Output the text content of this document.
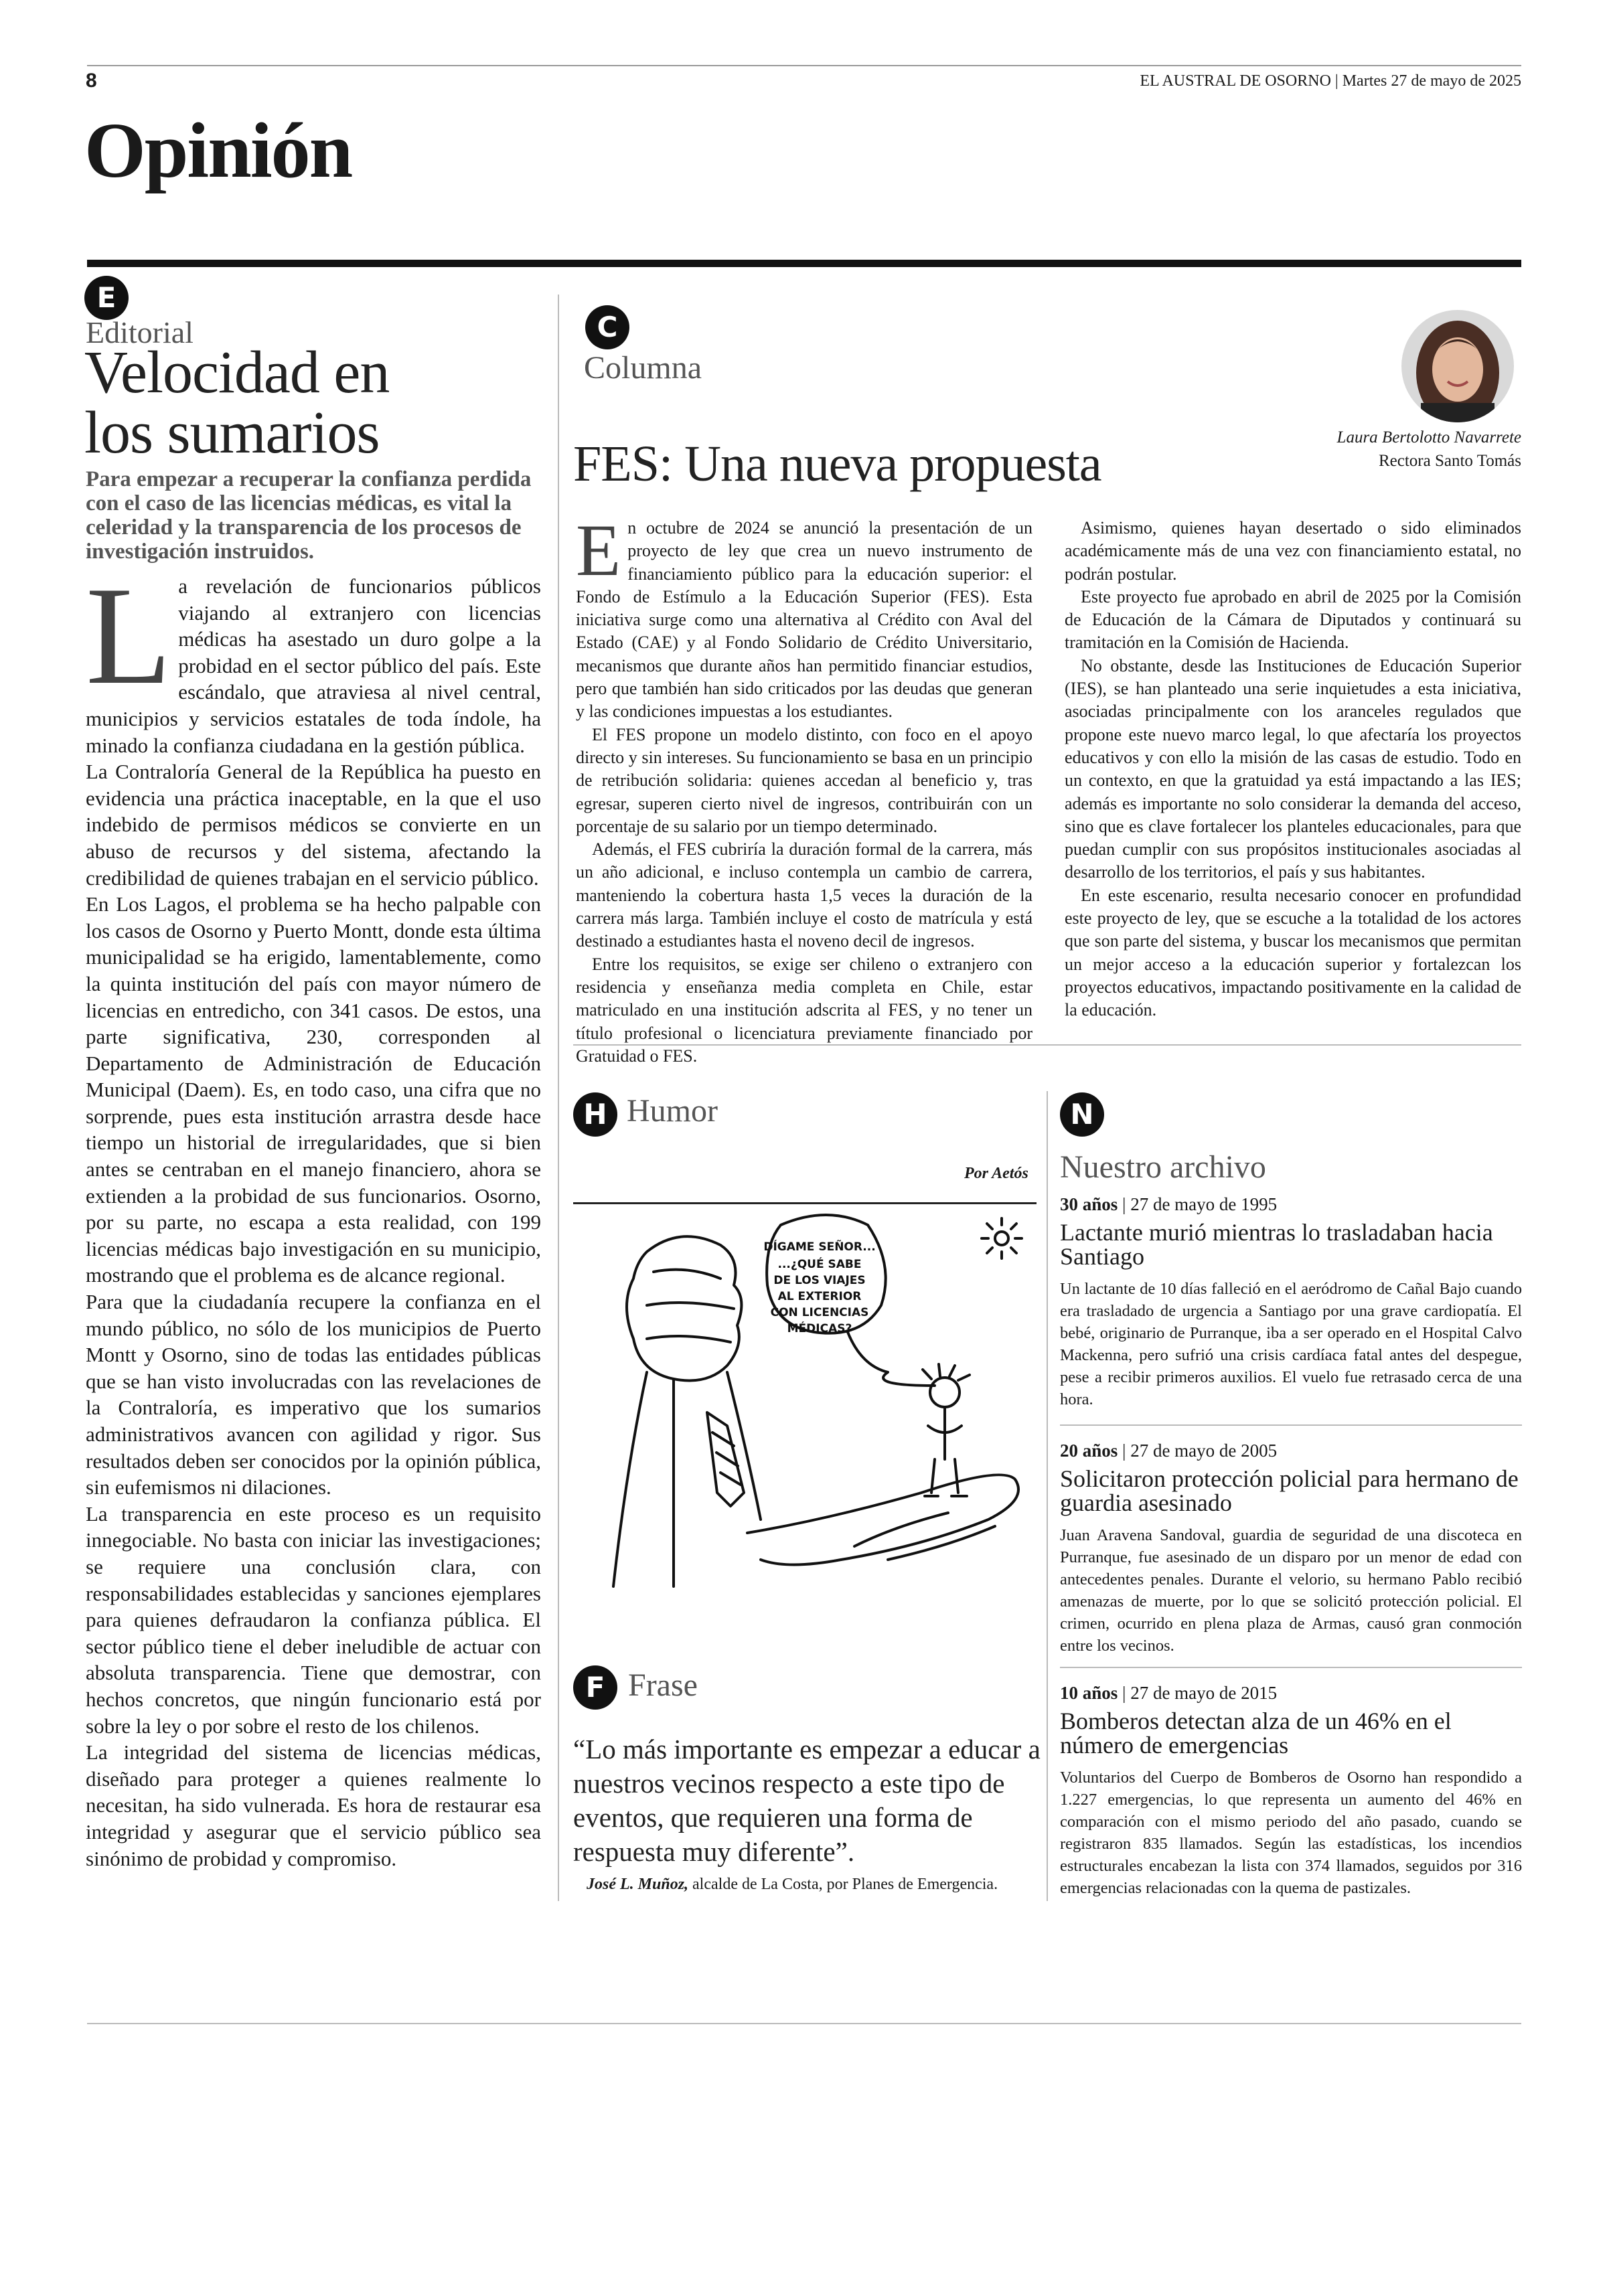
8	EL AUSTRAL DE OSORNO | Martes 27 de mayo de 2025
Opinión
E
Editorial
Velocidad en
los sumarios
Para empezar a recuperar la confianza perdida con el caso de las licencias médicas, es vital la celeridad y la transparencia de los procesos de investigación instruidos.
L a revelación de funcionarios públicos viajando al extranjero con licencias médicas ha asestado un duro golpe a la probidad en el sector público del país. Este escándalo, que atraviesa al nivel central, municipios y servicios estatales de toda índole, ha minado la confianza ciudadana en la gestión pública.

La Contraloría General de la República ha puesto en evidencia una práctica inaceptable, en la que el uso indebido de permisos médicos se convierte en un abuso de recursos y del sistema, afectando la credibilidad de quienes trabajan en el servicio público.

En Los Lagos, el problema se ha hecho palpable con los casos de Osorno y Puerto Montt, donde esta última municipalidad se ha erigido, lamentablemente, como la quinta institución del país con mayor número de licencias en entredicho, con 341 casos. De estos, una parte significativa, 230, corresponden al Departamento de Administración de Educación Municipal (Daem). Es, en todo caso, una cifra que no sorprende, pues esta institución arrastra desde hace tiempo un historial de irregularidades, que si bien antes se centraban en el manejo financiero, ahora se extienden a la probidad de sus funcionarios. Osorno, por su parte, no escapa a esta realidad, con 199 licencias médicas bajo investigación en su municipio, mostrando que el problema es de alcance regional.

Para que la ciudadanía recupere la confianza en el mundo público, no sólo de los municipios de Puerto Montt y Osorno, sino de todas las entidades públicas que se han visto involucradas con las revelaciones de la Contraloría, es imperativo que los sumarios administrativos avancen con agilidad y rigor. Sus resultados deben ser conocidos por la opinión pública, sin eufemismos ni dilaciones.

La transparencia en este proceso es un requisito innegociable. No basta con iniciar las investigaciones; se requiere una conclusión clara, con responsabilidades establecidas y sanciones ejemplares para quienes defraudaron la confianza pública. El sector público tiene el deber ineludible de actuar con absoluta transparencia. Tiene que demostrar, con hechos concretos, que ningún funcionario está por sobre la ley o por sobre el resto de los chilenos.

La integridad del sistema de licencias médicas, diseñado para proteger a quienes realmente lo necesitan, ha sido vulnerada. Es hora de restaurar esa integridad y asegurar que el servicio público sea sinónimo de probidad y compromiso.

C
Columna
Laura Bertolotto Navarrete
Rectora Santo Tomás
FES: Una nueva propuesta
E n octubre de 2024 se anunció la presentación de un proyecto de ley que crea un nuevo instrumento de financiamiento público para la educación superior: el Fondo de Estímulo a la Educación Superior (FES). Esta iniciativa surge como una alternativa al Crédito con Aval del Estado (CAE) y al Fondo Solidario de Crédito Universitario, mecanismos que durante años han permitido financiar estudios, pero que también han sido criticados por las deudas que generan y las condiciones impuestas a los estudiantes.

El FES propone un modelo distinto, con foco en el apoyo directo y sin intereses. Su funcionamiento se basa en un principio de retribución solidaria: quienes accedan al beneficio y, tras egresar, superen cierto nivel de ingresos, contribuirán con un porcentaje de su salario por un tiempo determinado.

Además, el FES cubriría la duración formal de la carrera, más un año adicional, e incluso contempla un cambio de carrera, manteniendo la cobertura hasta 1,5 veces la duración de la carrera más larga. También incluye el costo de matrícula y está destinado a estudiantes hasta el noveno decil de ingresos.

Entre los requisitos, se exige ser chileno o extranjero con residencia y enseñanza media completa en Chile, estar matriculado en una institución adscrita al FES, y no tener un título profesional o licenciatura previamente financiado por Gratuidad o FES.

Asimismo, quienes hayan desertado o sido eliminados académicamente más de una vez con financiamiento estatal, no podrán postular.

Este proyecto fue aprobado en abril de 2025 por la Comisión de Educación de la Cámara de Diputados y continuará su tramitación en la Comisión de Hacienda.

No obstante, desde las Instituciones de Educación Superior (IES), se han planteado una serie inquietudes a esta iniciativa, asociadas principalmente con los aranceles regulados que propone este nuevo marco legal, lo que afectaría los proyectos educativos y con ello la misión de las casas de estudio. Todo en un contexto, en que la gratuidad ya está impactando a las IES; además es importante no solo considerar la demanda del acceso, sino que es clave fortalecer los planteles educacionales, para que puedan cumplir con sus propósitos institucionales asociadas al desarrollo de los territorios, el país y sus habitantes.

En este escenario, resulta necesario conocer en profundidad este proyecto de ley, que se escuche a la totalidad de los actores que son parte del sistema, y buscar los mecanismos que permitan un mejor acceso a la educación superior y fortalezcan los proyectos educativos, impactando positivamente en la calidad de la educación.

H Humor
Por Aetós
DÍGAME SEÑOR...
...¿QUÉ SABE
DE LOS VIAJES
AL EXTERIOR
CON LICENCIAS
MÉDICAS?
F Frase
“Lo más importante es empezar a educar a nuestros vecinos respecto a este tipo de eventos, que requieren una forma de respuesta muy diferente”.
José L. Muñoz, alcalde de La Costa, por Planes de Emergencia.
N
Nuestro archivo
30 años | 27 de mayo de 1995
Lactante murió mientras lo trasladaban hacia Santiago
Un lactante de 10 días falleció en el aeródromo de Cañal Bajo cuando era trasladado de urgencia a Santiago por una grave cardiopatía. El bebé, originario de Purranque, iba a ser operado en el Hospital Calvo Mackenna, pero sufrió una crisis cardíaca fatal antes del despegue, pese a recibir primeros auxilios. El vuelo fue retrasado cerca de una hora.
20 años | 27 de mayo de 2005
Solicitaron protección policial para hermano de guardia asesinado
Juan Aravena Sandoval, guardia de seguridad de una discoteca en Purranque, fue asesinado de un disparo por un menor de edad con antecedentes penales. Durante el velorio, su hermano Pablo recibió amenazas de muerte, por lo que se solicitó protección policial. El crimen, ocurrido en plena plaza de Armas, causó gran conmoción entre los vecinos.
10 años | 27 de mayo de 2015
Bomberos detectan alza de un 46% en el número de emergencias
Voluntarios del Cuerpo de Bomberos de Osorno han respondido a 1.227 emergencias, lo que representa un aumento del 46% en comparación con el mismo periodo del año pasado, cuando se registraron 835 llamados. Según las estadísticas, los incendios estructurales encabezan la lista con 374 llamados, seguidos por 316 emergencias relacionadas con la quema de pastizales.
